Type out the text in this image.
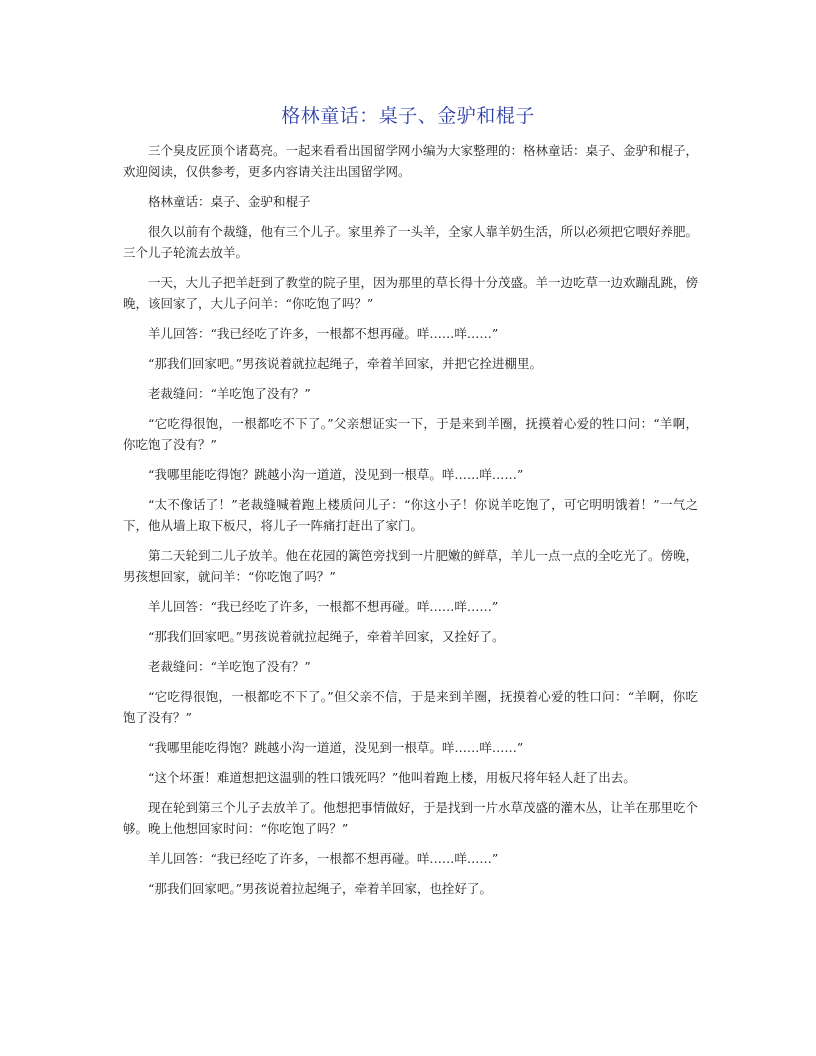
格林童话：桌子、金驴和棍子

三个臭皮匠顶个诸葛亮。一起来看看出国留学网小编为大家整理的：格林童话：桌子、金驴和棍子，欢迎阅读，仅供参考，更多内容请关注出国留学网。

格林童话：桌子、金驴和棍子

很久以前有个裁缝，他有三个儿子。家里养了一头羊，全家人靠羊奶生活，所以必须把它喂好养肥。三个儿子轮流去放羊。

一天，大儿子把羊赶到了教堂的院子里，因为那里的草长得十分茂盛。羊一边吃草一边欢蹦乱跳，傍晚，该回家了，大儿子问羊：“你吃饱了吗？”

羊儿回答：“我已经吃了许多，一根都不想再碰。咩……咩……”

“那我们回家吧。”男孩说着就拉起绳子，牵着羊回家，并把它拴进棚里。

老裁缝问：“羊吃饱了没有？”

“它吃得很饱，一根都吃不下了。”父亲想证实一下，于是来到羊圈，抚摸着心爱的牲口问：“羊啊，你吃饱了没有？”

“我哪里能吃得饱？跳越小沟一道道，没见到一根草。咩……咩……”

“太不像话了！”老裁缝喊着跑上楼质问儿子：“你这小子！你说羊吃饱了，可它明明饿着！”一气之下，他从墙上取下板尺，将儿子一阵痛打赶出了家门。

第二天轮到二儿子放羊。他在花园的篱笆旁找到一片肥嫩的鲜草，羊儿一点一点的全吃光了。傍晚，男孩想回家，就问羊：“你吃饱了吗？”

羊儿回答：“我已经吃了许多，一根都不想再碰。咩……咩……”

“那我们回家吧。”男孩说着就拉起绳子，牵着羊回家，又拴好了。

老裁缝问：“羊吃饱了没有？”

“它吃得很饱，一根都吃不下了。”但父亲不信，于是来到羊圈，抚摸着心爱的牲口问：“羊啊，你吃饱了没有？”

“我哪里能吃得饱？跳越小沟一道道，没见到一根草。咩……咩……”

“这个坏蛋！难道想把这温驯的牲口饿死吗？”他叫着跑上楼，用板尺将年轻人赶了出去。

现在轮到第三个儿子去放羊了。他想把事情做好，于是找到一片水草茂盛的灌木丛，让羊在那里吃个够。晚上他想回家时问：“你吃饱了吗？”

羊儿回答：“我已经吃了许多，一根都不想再碰。咩……咩……”

“那我们回家吧。”男孩说着拉起绳子，牵着羊回家，也拴好了。
